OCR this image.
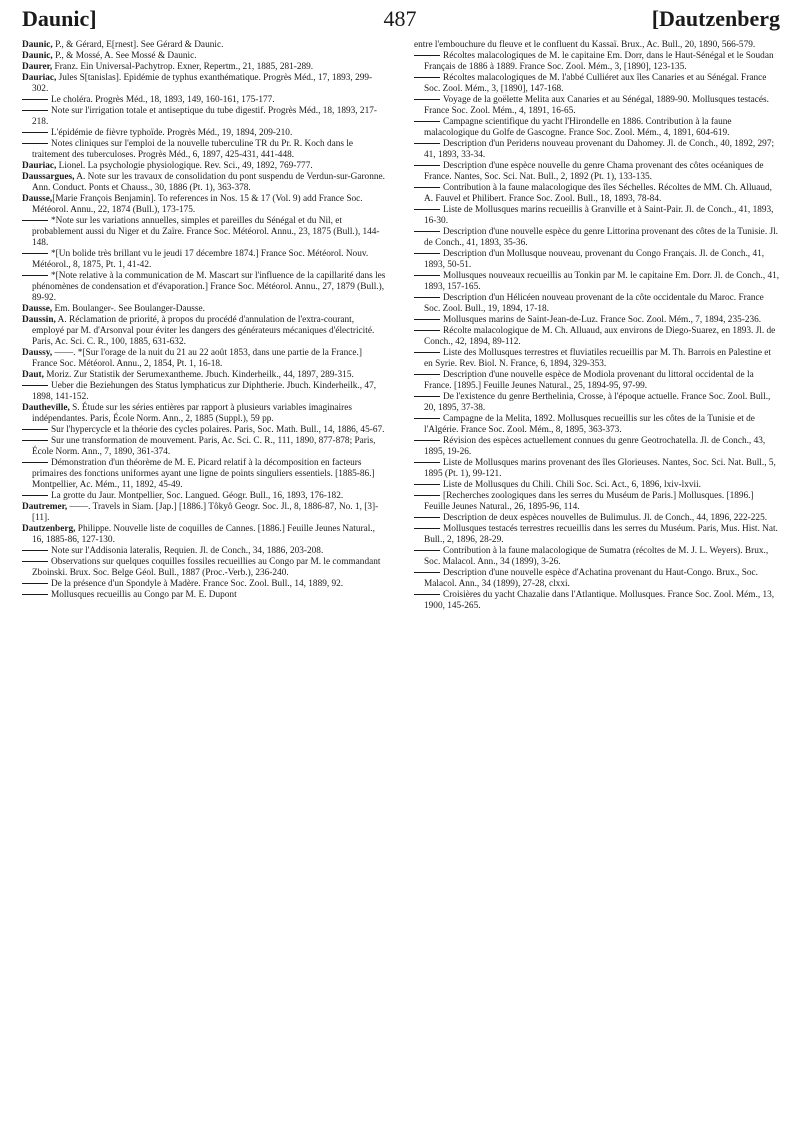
Daunic]	487	[Dautzenberg

Daunic, P., & Gérard, E[rnest]. See Gérard & Daunic.

Daunic, P., & Mossé, A. See Mossé & Daunic.

Daurer, Franz. Ein Universal-Pachytrop. Exner, Repertm., 21, 1885, 281-289.

Dauriac, Jules S[tanislas]. Epidémie de typhus exanthématique. Progrès Méd., 17, 1893, 299-302.

Le choléra. Progrès Méd., 18, 1893, 149, 160-161, 175-177.

Note sur l'irrigation totale et antiseptique du tube digestif. Progrès Méd., 18, 1893, 217-218.

L'épidémie de fièvre typhoïde. Progrès Méd., 19, 1894, 209-210.

Notes cliniques sur l'emploi de la nouvelle tuberculine TR du Pr. R. Koch dans le traitement des tuberculoses. Progrès Méd., 6, 1897, 425-431, 441-448.

Dauriac, Lionel. La psychologie physiologique. Rev. Sci., 49, 1892, 769-777.

Daussargues, A. Note sur les travaux de consolidation du pont suspendu de Verdun-sur-Garonne. Ann. Conduct. Ponts et Chauss., 30, 1886 (Pt. 1), 363-378.

Dausse,[Marie François Benjamin]. To references in Nos. 15 & 17 (Vol. 9) add France Soc. Météorol. Annu., 22, 1874 (Bull.), 173-175.

*Note sur les variations annuelles, simples et pareilles du Sénégal et du Nil, et probablement aussi du Niger et du Zaïre. France Soc. Météorol. Annu., 23, 1875 (Bull.), 144-148.

*[Un bolide très brillant vu le jeudi 17 décembre 1874.] France Soc. Météorol. Nouv. Météorol., 8, 1875, Pt. 1, 41-42.

*[Note relative à la communication de M. Mascart sur l'influence de la capillarité dans les phénomènes de condensation et d'évaporation.] France Soc. Météorol. Annu., 27, 1879 (Bull.), 89-92.

Dausse, Em. Boulanger-. See Boulanger-Dausse.

Daussin, A. Réclamation de priorité, à propos du procédé d'annulation de l'extra-courant, employé par M. d'Arsonval pour éviter les dangers des générateurs mécaniques d'électricité. Paris, Ac. Sci. C. R., 100, 1885, 631-632.

Daussy, ——. *[Sur l'orage de la nuit du 21 au 22 août 1853, dans une partie de la France.] France Soc. Météorol. Annu., 2, 1854, Pt. 1, 16-18.

Daut, Moriz. Zur Statistik der Serumexantheme. Jbuch. Kinderheilk., 44, 1897, 289-315.

Ueber die Beziehungen des Status lymphaticus zur Diphtherie. Jbuch. Kinderheilk., 47, 1898, 141-152.

Dautheville, S. Étude sur les séries entières par rapport à plusieurs variables imaginaires indépendantes. Paris, École Norm. Ann., 2, 1885 (Suppl.), 59 pp.

Sur l'hypercycle et la théorie des cycles polaires. Paris, Soc. Math. Bull., 14, 1886, 45-67.

Sur une transformation de mouvement. Paris, Ac. Sci. C. R., 111, 1890, 877-878; Paris, École Norm. Ann., 7, 1890, 361-374.

Démonstration d'un théorème de M. E. Picard relatif à la décomposition en facteurs primaires des fonctions uniformes ayant une ligne de points singuliers essentiels. [1885-86.] Montpellier, Ac. Mém., 11, 1892, 45-49.

La grotte du Jaur. Montpellier, Soc. Langued. Géogr. Bull., 16, 1893, 176-182.

Dautremer, ——. Travels in Siam. [Jap.] [1886.] Tôkyô Geogr. Soc. Jl., 8, 1886-87, No. 1, [3]-[11].

Dautzenberg, Philippe. Nouvelle liste de coquilles de Cannes. [1886.] Feuille Jeunes Natural., 16, 1885-86, 127-130.

Note sur l'Addisonia lateralis, Requien. Jl. de Conch., 34, 1886, 203-208.

Observations sur quelques coquilles fossiles recueillies au Congo par M. le commandant Zboinski. Brux. Soc. Belge Géol. Bull., 1887 (Proc.-Verb.), 236-240.

De la présence d'un Spondyle à Madère. France Soc. Zool. Bull., 14, 1889, 92.

Mollusques recueillis au Congo par M. E. Dupont

entre l'embouchure du fleuve et le confluent du Kassaï. Brux., Ac. Bull., 20, 1890, 566-579.

Récoltes malacologiques de M. le capitaine Em. Dorr, dans le Haut-Sénégal et le Soudan Français de 1886 à 1889. France Soc. Zool. Mém., 3, [1890], 123-135.

Récoltes malacologiques de M. l'abbé Culliéret aux îles Canaries et au Sénégal. France Soc. Zool. Mém., 3, [1890], 147-168.

Voyage de la goëlette Melita aux Canaries et au Sénégal, 1889-90. Mollusques testacés. France Soc. Zool. Mém., 4, 1891, 16-65.

Campagne scientifique du yacht l'Hirondelle en 1886. Contribution à la faune malacologique du Golfe de Gascogne. France Soc. Zool. Mém., 4, 1891, 604-619.

Description d'un Periderıs nouveau provenant du Dahomey. Jl. de Conch., 40, 1892, 297; 41, 1893, 33-34.

Description d'une espèce nouvelle du genre Chama provenant des côtes océaniques de France. Nantes, Soc. Sci. Nat. Bull., 2, 1892 (Pt. 1), 133-135.

Contribution à la faune malacologique des îles Séchelles. Récoltes de MM. Ch. Alluaud, A. Fauvel et Philibert. France Soc. Zool. Bull., 18, 1893, 78-84.

Liste de Mollusques marins recueillis à Granville et à Saint-Pair. Jl. de Conch., 41, 1893, 16-30.

Description d'une nouvelle espèce du genre Littorina provenant des côtes de la Tunisie. Jl. de Conch., 41, 1893, 35-36.

Description d'un Mollusque nouveau, provenant du Congo Français. Jl. de Conch., 41, 1893, 50-51.

Mollusques nouveaux recueillis au Tonkin par M. le capitaine Em. Dorr. Jl. de Conch., 41, 1893, 157-165.

Description d'un Hélicéen nouveau provenant de la côte occidentale du Maroc. France Soc. Zool. Bull., 19, 1894, 17-18.

Mollusques marins de Saint-Jean-de-Luz. France Soc. Zool. Mém., 7, 1894, 235-236.

Récolte malacologique de M. Ch. Alluaud, aux environs de Diego-Suarez, en 1893. Jl. de Conch., 42, 1894, 89-112.

Liste des Mollusques terrestres et fluviatiles recueillis par M. Th. Barrois en Palestine et en Syrie. Rev. Biol. N. France, 6, 1894, 329-353.

Description d'une nouvelle espèce de Modiola provenant du littoral occidental de la France. [1895.] Feuille Jeunes Natural., 25, 1894-95, 97-99.

De l'existence du genre Berthelinia, Crosse, à l'époque actuelle. France Soc. Zool. Bull., 20, 1895, 37-38.

Campagne de la Melita, 1892. Mollusques recueillis sur les côtes de la Tunisie et de l'Algérie. France Soc. Zool. Mém., 8, 1895, 363-373.

Révision des espèces actuellement connues du genre Geotrochatella. Jl. de Conch., 43, 1895, 19-26.

Liste de Mollusques marins provenant des îles Glorieuses. Nantes, Soc. Sci. Nat. Bull., 5, 1895 (Pt. 1), 99-121.

Liste de Mollusques du Chili. Chili Soc. Sci. Act., 6, 1896, lxiv-lxvii.

[Recherches zoologiques dans les serres du Muséum de Paris.] Mollusques. [1896.] Feuille Jeunes Natural., 26, 1895-96, 114.

Description de deux espèces nouvelles de Bulimulus. Jl. de Conch., 44, 1896, 222-225.

Mollusques testacés terrestres recueillis dans les serres du Muséum. Paris, Mus. Hist. Nat. Bull., 2, 1896, 28-29.

Contribution à la faune malacologique de Sumatra (récoltes de M. J. L. Weyers). Brux., Soc. Malacol. Ann., 34 (1899), 3-26.

Description d'une nouvelle espèce d'Achatina provenant du Haut-Congo. Brux., Soc. Malacol. Ann., 34 (1899), 27-28, clxxi.

Croisières du yacht Chazalie dans l'Atlantique. Mollusques. France Soc. Zool. Mém., 13, 1900, 145-265.
